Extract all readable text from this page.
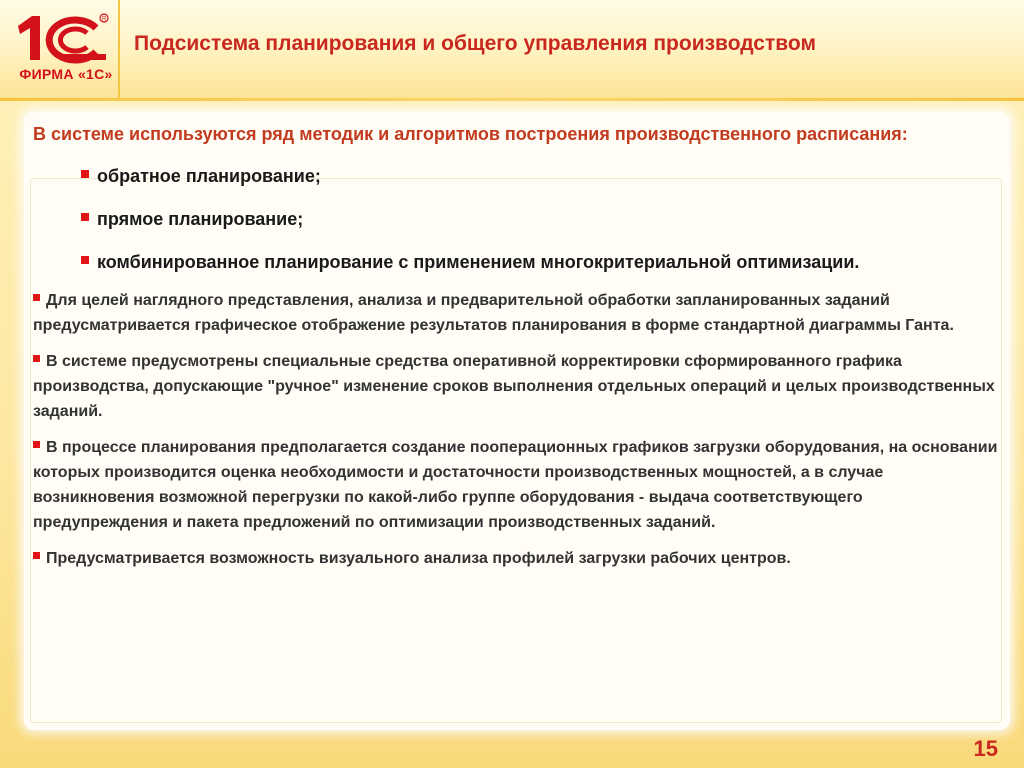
R
ФИРМА «1С»
Подсистема планирования и общего управления производством

В системе используются ряд методик и алгоритмов построения производственного расписания:

обратное планирование;
прямое планирование;
комбинированное планирование с применением многокритериальной оптимизации.

Для целей наглядного представления, анализа и предварительной обработки запланированных заданий предусматривается графическое отображение результатов планирования в форме стандартной диаграммы Ганта.

В системе предусмотрены специальные средства оперативной корректировки сформированного графика производства, допускающие "ручное" изменение сроков выполнения отдельных операций и целых производственных заданий.

В процессе планирования предполагается создание пооперационных графиков загрузки оборудования, на основании которых производится оценка необходимости и достаточности производственных мощностей, а в случае возникновения возможной перегрузки по какой-либо группе оборудования - выдача соответствующего предупреждения и пакета предложений по оптимизации производственных заданий.

Предусматривается возможность визуального анализа профилей загрузки рабочих центров.

15
